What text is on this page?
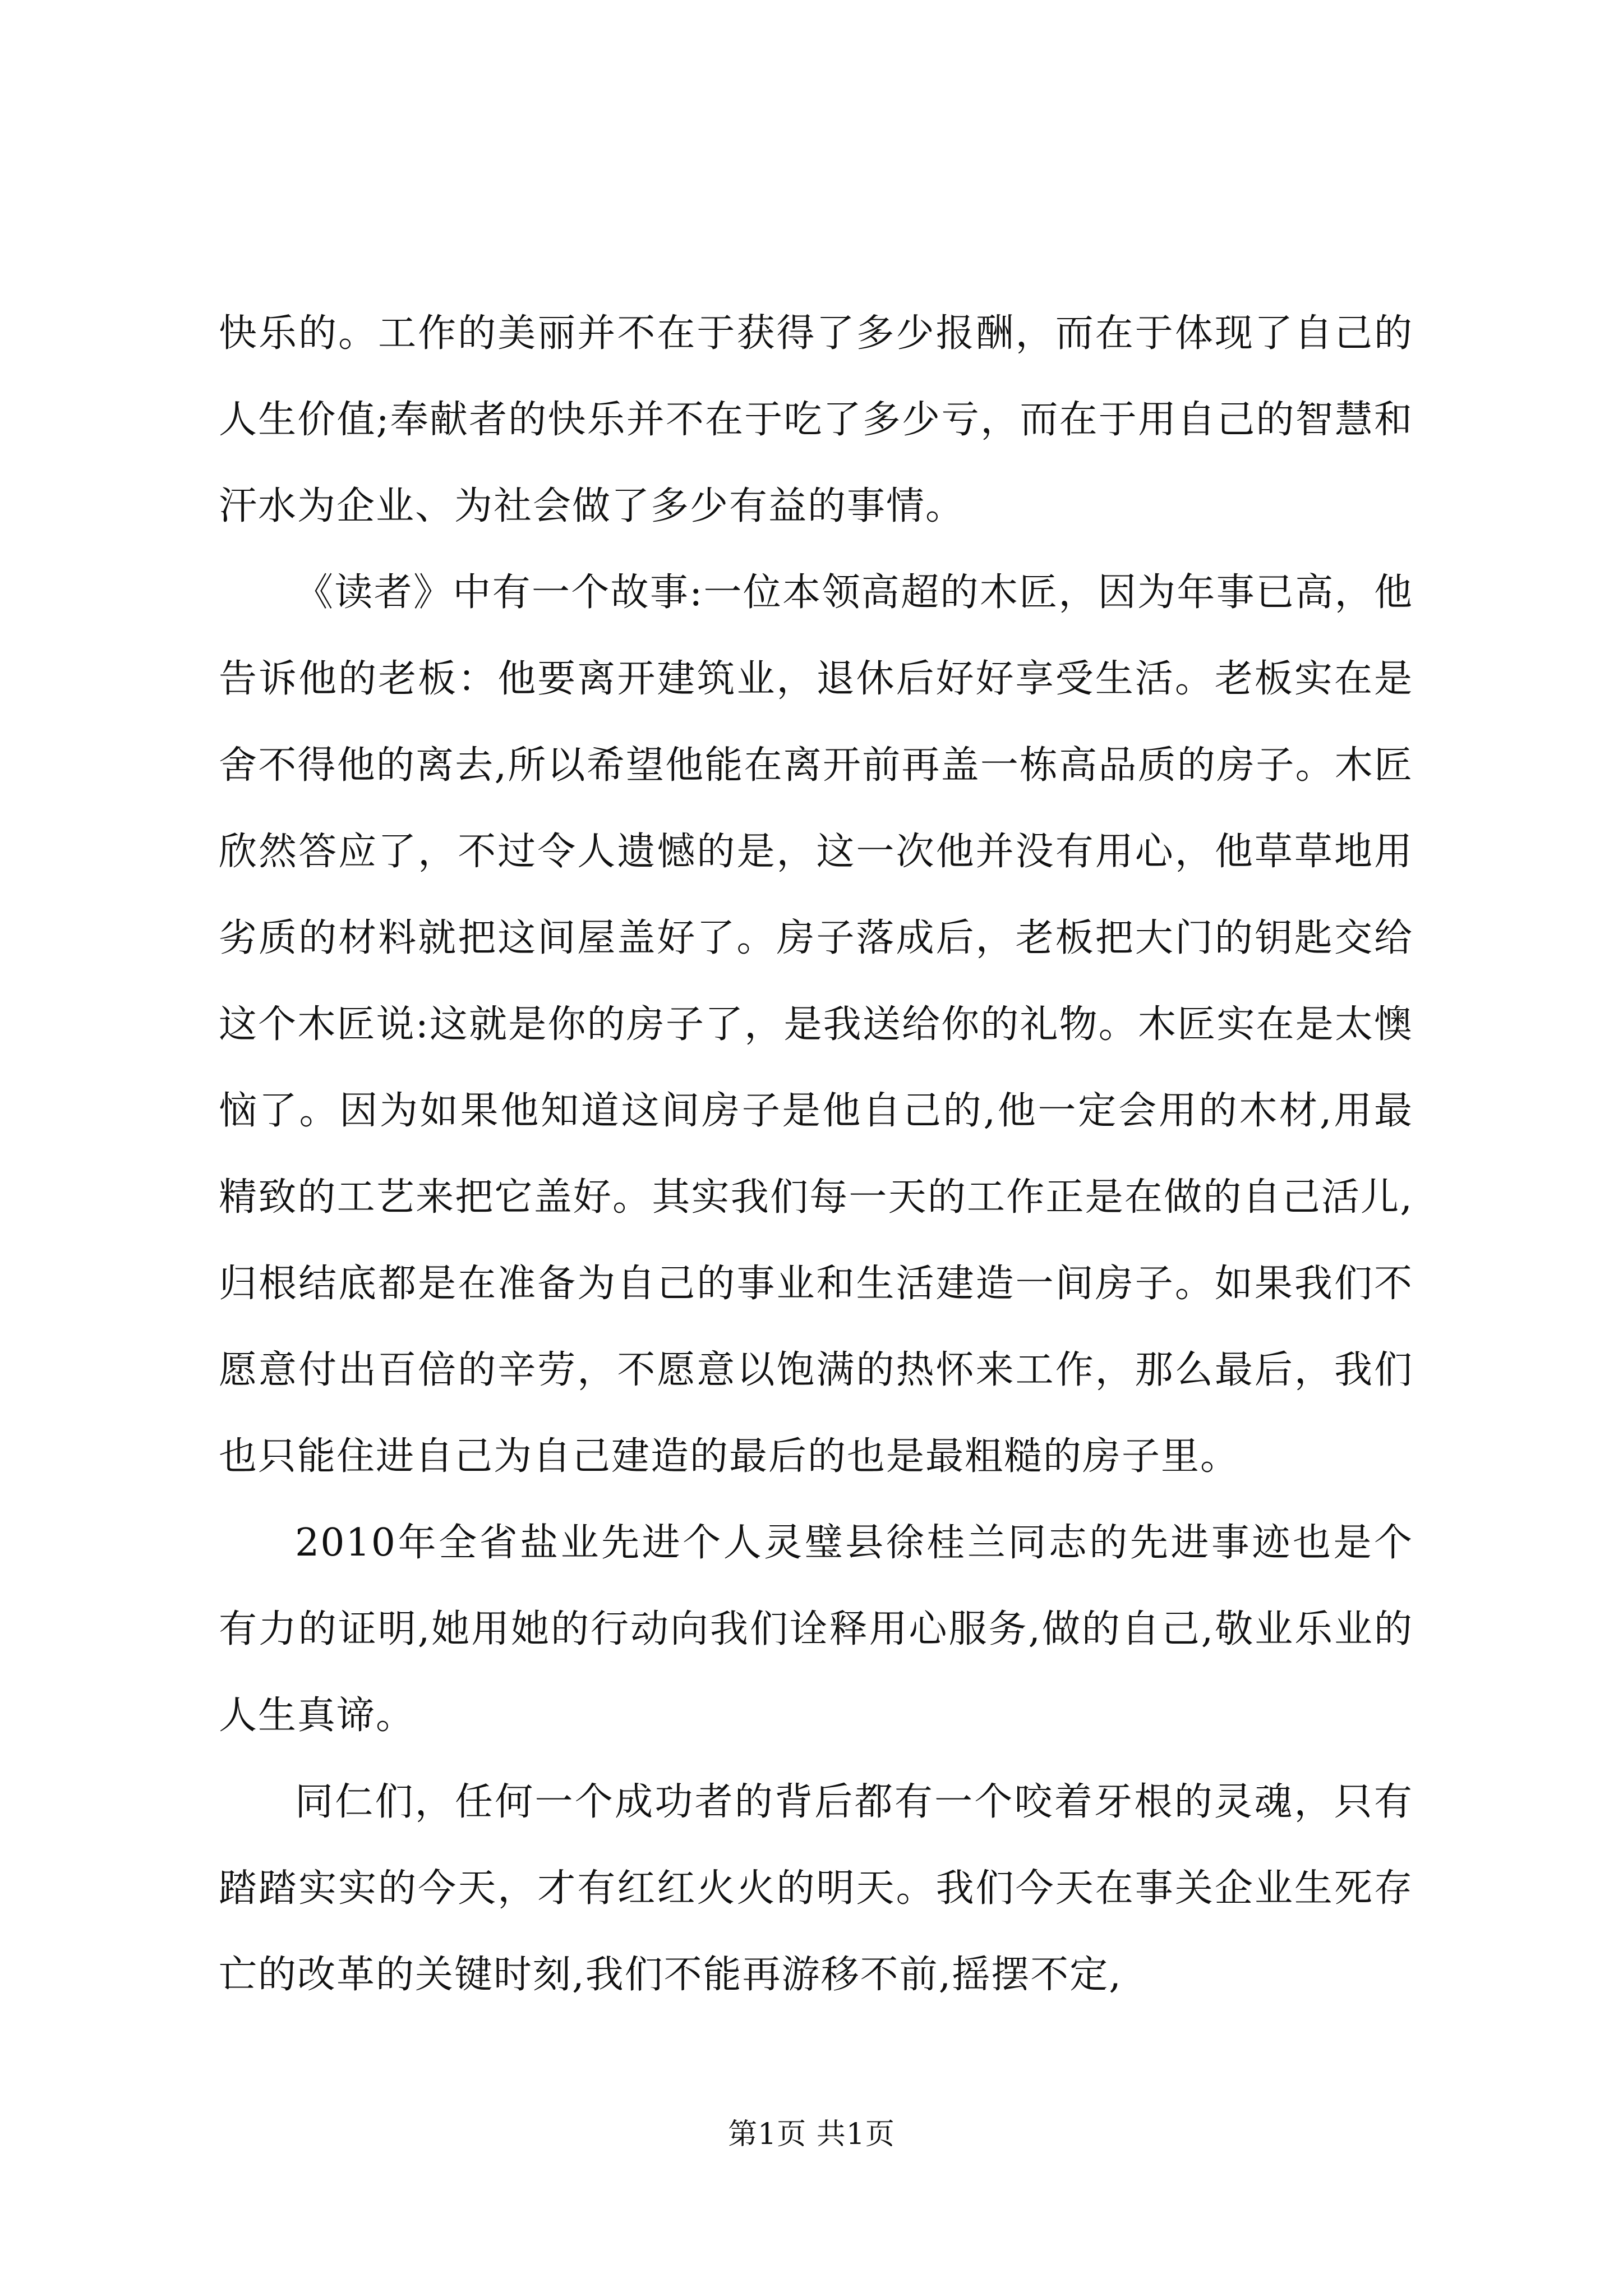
快乐的。工作的美丽并不在于获得了多少报酬，而在于体现了自己的人生价值;奉献者的快乐并不在于吃了多少亏，而在于用自己的智慧和汗水为企业、为社会做了多少有益的事情。

《读者》中有一个故事:一位本领高超的木匠，因为年事已高，他告诉他的老板：他要离开建筑业，退休后好好享受生活。老板实在是舍不得他的离去,所以希望他能在离开前再盖一栋高品质的房子。木匠欣然答应了，不过令人遗憾的是，这一次他并没有用心，他草草地用劣质的材料就把这间屋盖好了。房子落成后，老板把大门的钥匙交给这个木匠说:这就是你的房子了，是我送给你的礼物。木匠实在是太懊恼了。因为如果他知道这间房子是他自己的,他一定会用的木材,用最精致的工艺来把它盖好。其实我们每一天的工作正是在做的自己活儿,归根结底都是在准备为自己的事业和生活建造一间房子。如果我们不愿意付出百倍的辛劳，不愿意以饱满的热怀来工作，那么最后，我们也只能住进自己为自己建造的最后的也是最粗糙的房子里。

2010年全省盐业先进个人灵璧县徐桂兰同志的先进事迹也是个有力的证明,她用她的行动向我们诠释用心服务,做的自己,敬业乐业的人生真谛。

同仁们，任何一个成功者的背后都有一个咬着牙根的灵魂，只有踏踏实实的今天，才有红红火火的明天。我们今天在事关企业生死存亡的改革的关键时刻,我们不能再游移不前,摇摆不定,

第1页 共1页
